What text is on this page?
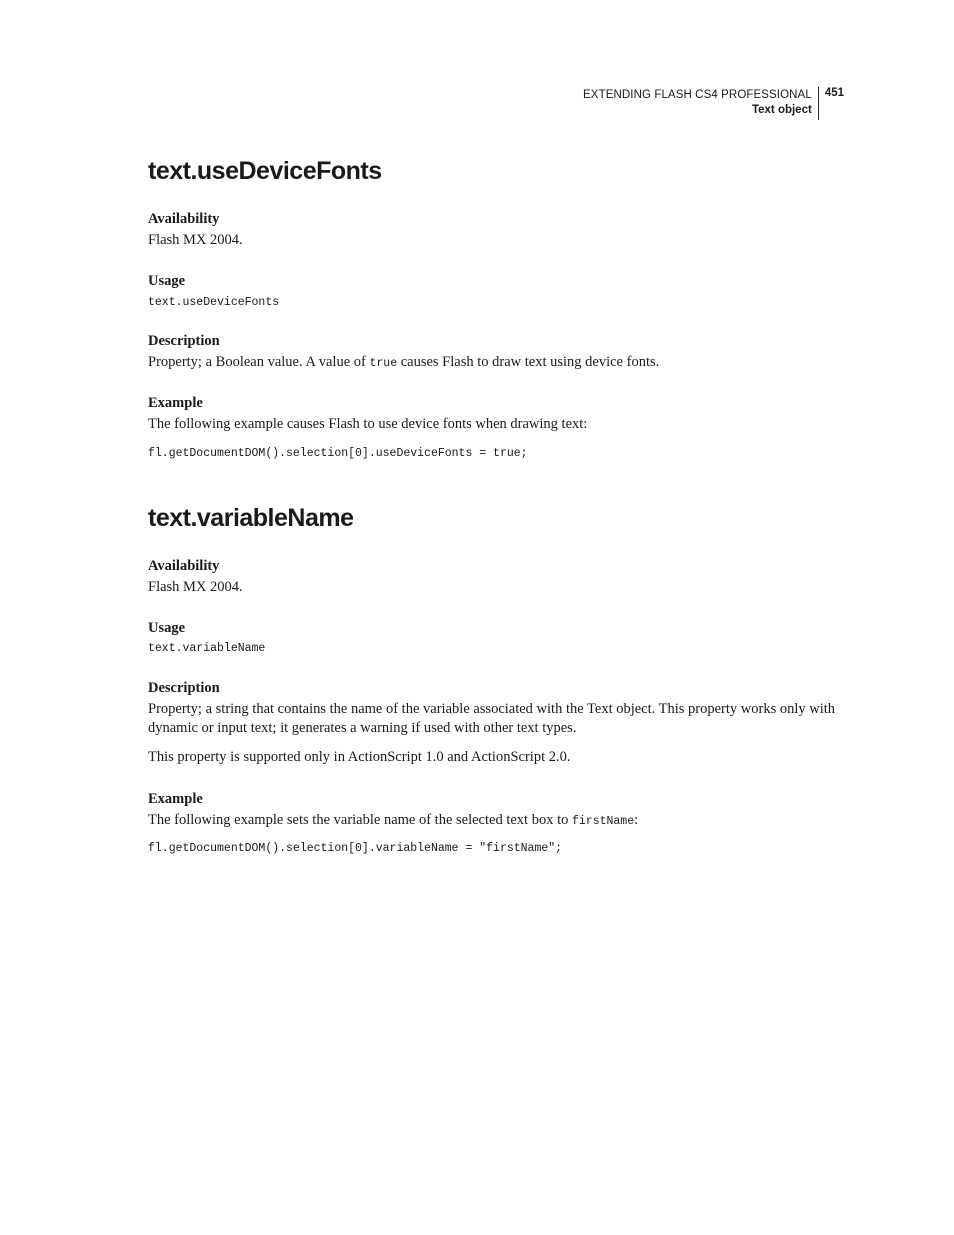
EXTENDING FLASH CS4 PROFESSIONAL
Text object
451
text.useDeviceFonts

Availability

Flash MX 2004.

Usage

text.useDeviceFonts

Description

Property; a Boolean value. A value of true causes Flash to draw text using device fonts.

Example

The following example causes Flash to use device fonts when drawing text:

fl.getDocumentDOM().selection[0].useDeviceFonts = true;

text.variableName

Availability

Flash MX 2004.

Usage

text.variableName

Description

Property; a string that contains the name of the variable associated with the Text object. This property works only with

dynamic or input text; it generates a warning if used with other text types.

This property is supported only in ActionScript 1.0 and ActionScript 2.0.

Example

The following example sets the variable name of the selected text box to firstName:

fl.getDocumentDOM().selection[0].variableName = "firstName";
